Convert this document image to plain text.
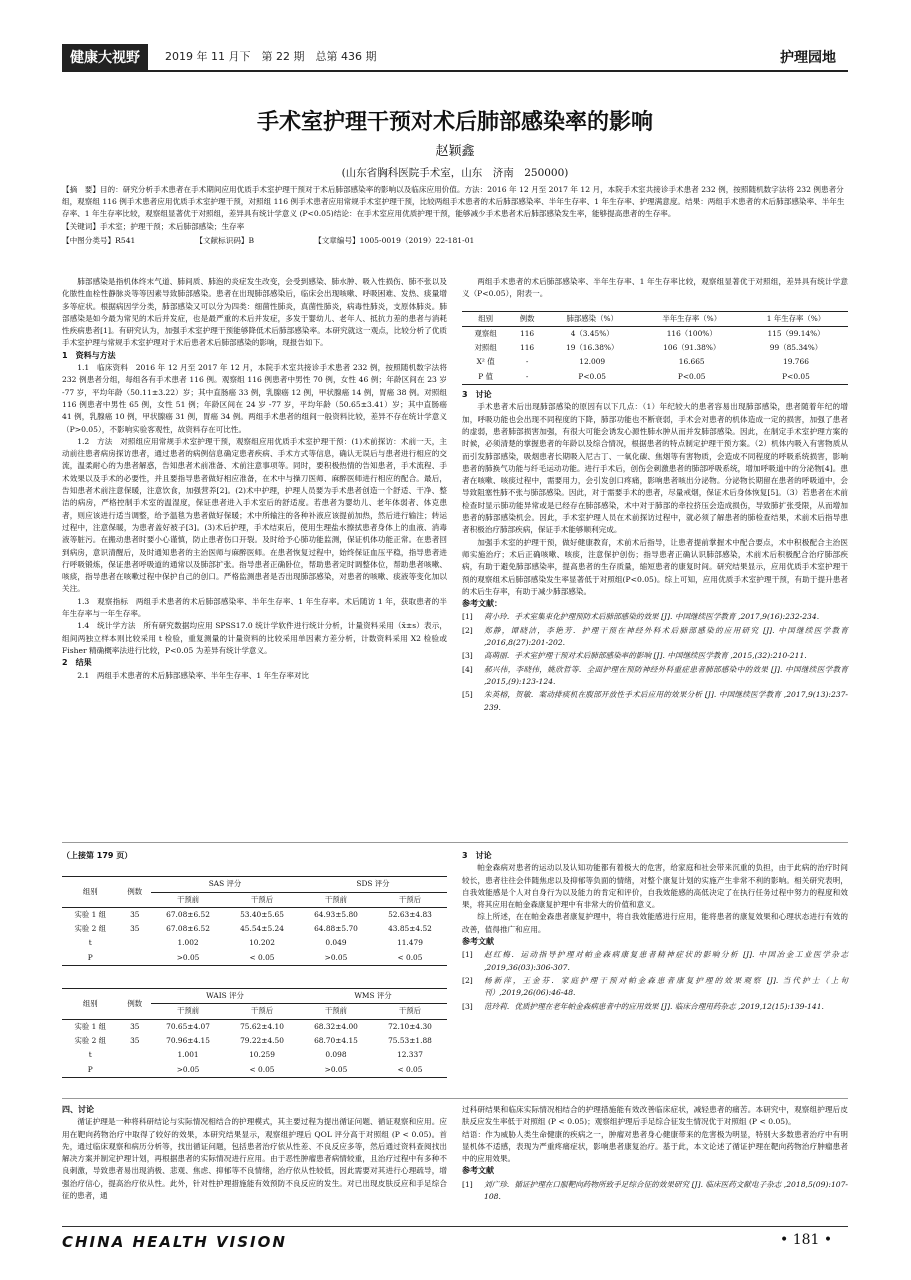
健康大视野	2019 年 11 月下　第 22 期　总第 436 期	护理园地
手术室护理干预对术后肺部感染率的影响
赵颖鑫
(山东省胸科医院手术室，山东　济南　250000)
【摘　要】目的：研究分析手术患者在手术期间应用优质手术室护理干预对于术后肺部感染率的影响以及临床应用价值。方法：2016 年 12 月至 2017 年 12 月，本院手术室共接诊手术患者 232 例，按照随机数字法将 232 例患者分组，观察组 116 例手术患者应用优质手术室护理干预，对照组 116 例手术患者应用常规手术室护理干预，比较两组手术患者的术后肺部感染率、半年生存率、1 年生存率、护理满意度。结果：两组手术患者的术后肺部感染率、半年生存率、1 年生存率比较，观察组显著优于对照组，差异具有统计学意义 (P<0.05)结论：在手术室应用优质护理干预，能够减少手术患者术后肺部感染发生率，能够提高患者的生存率。
【关键词】手术室；护理干预；术后肺部感染；生存率
【中图分类号】R541	【文献标识码】B	【文章编号】1005-0019（2019）22-181-01

肺部感染是指机体终末气道、肺间质、肺泡的炎症发生改变，会受到感染、肺水肿、吸入性损伤、肺不张以及化脓性血栓性静脉炎等等因素导致肺部感染。患者在出现肺部感染后，临床会出现咳嗽、呼吸困难、发热、痰量增多等症状。根据病因学分类，肺部感染又可以分为四类：细菌性肺炎，真菌性肺炎，病毒性肺炎，支原体肺炎。肺部感染是如今最为常见的术后并发症，也是最严重的术后并发症，多发于婴幼儿、老年人、抵抗力差的患者与消耗性疾病患者[1]。有研究认为，加强手术室护理干预能够降低术后肺部感染率。本研究就这一观点，比较分析了优质手术室护理与常规手术室护理对于术后患者术后肺部感染的影响，现报告如下。

1　资料与方法

1.1　临床资料　2016 年 12 月至 2017 年 12 月，本院手术室共接诊手术患者 232 例，按照随机数字法将 232 例患者分组，每组各有手术患者 116 例。观察组 116 例患者中男性 70 例，女性 46 例；年龄区间在 23 岁 -77 岁，平均年龄（50.11±3.22）岁；其中直肠癌 33 例，乳腺癌 12 例，甲状腺癌 14 例，胃癌 38 例。对照组 116 例患者中男性 65 例，女性 51 例；年龄区间在 24 岁 -77 岁，平均年龄（50.65±3.41）岁；其中直肠癌 41 例，乳腺癌 10 例，甲状腺癌 31 例，胃癌 34 例。两组手术患者的组间一般资料比较，差异不存在统计学意义（P>0.05），不影响实验客观性，故资料存在可比性。

1.2　方法　对照组应用常规手术室护理干预，观察组应用优质手术室护理干预：(1)术前探访：术前一天，主动前往患者病房探访患者，通过患者的病例信息确定患者疾病、手术方式等信息，确认无误后与患者进行相应的交流，温柔耐心的为患者解惑，告知患者术前准备、术前注意事项等。同时，要积极热情的告知患者，手术流程、手术效果以及手术的必要性，并且要指导患者做好相应准备，在术中与操刀医师、麻醉医师进行相应的配合。最后，告知患者术前注意保暖，注意饮食，加强营养[2]。(2)术中护理，护理人员要为手术患者创造一个舒适、干净、整洁的病房，严格控制手术室的温湿度，保证患者进入手术室后的舒适度。若患者为婴幼儿、老年体弱者、体克患者，则应该进行适当调整，给予温毯为患者做好保暖；术中所输注的各种补液应该提前加热，然后进行输注；转运过程中，注意保暖，为患者盖好被子[3]。(3)术后护理，手术结束后，使用生理盐水擦拭患者身体上的血液、消毒液等脏污。在搬动患者时要小心谨慎，防止患者伤口开裂。及时给予心肺功能监测，保证机体功能正常。在患者回到病房，意识清醒后，及时通知患者的主治医师与麻醉医师。在患者恢复过程中，始终保证血压平稳，指导患者进行呼吸锻炼，保证患者呼吸道的通常以及肺部扩张。指导患者正确卧位，帮助患者定时调整体位，帮助患者咳嗽、咳痰，指导患者在咳嗽过程中保护自己的创口。严格监测患者是否出现肺部感染，对患者的咳嗽、痰液等变化加以关注。

1.3　观察指标　两组手术患者的术后肺部感染率、半年生存率、1 年生存率。术后随访 1 年，获取患者的半年生存率与一年生存率。

1.4　统计学方法　所有研究数据均应用 SPSS17.0 统计学软件进行统计分析，计量资料采用（x̄±s）表示，组间两独立样本则比较采用 t 检验，重复测量的计量资料的比较采用单因素方差分析，计数资料采用 X2 检验或 Fisher 精确概率法进行比较，P<0.05 为差异有统计学意义。

2　结果

2.1　两组手术患者的术后肺部感染率、半年生存率、1 年生存率对比

两组手术患者的术后肺部感染率、半年生存率、1 年生存率比较，观察组显著优于对照组，差异具有统计学意义（P<0.05），附表一。

组别	例数	肺部感染（%）	半年生存率（%）	1 年生存率（%）
观察组	116	4（3.45%）	116（100%）	115（99.14%）
对照组	116	19（16.38%）	106（91.38%）	99（85.34%）
X² 值	-	12.009	16.665	19.766
P 值	-	P<0.05	P<0.05	P<0.05
3　讨论

手术患者术后出现肺部感染的原因有以下几点：（1）年纪较大的患者容易出现肺部感染，患者随着年纪的增加，呼吸功能也会出现不同程度的下降，肺部功能也不断衰弱，手术会对患者的机体造成一定的损害，加强了患者的虚弱，患者肺部损害加强，有很大可能会诱发心源性肺水肿从而并发肺部感染。因此，在制定手术室护理方案的时候，必须清楚的掌握患者的年龄以及综合情况，根据患者的特点制定护理干预方案。（2）机体内吸入有害物质从而引发肺部感染，吸烟患者长期吸入尼古丁、一氧化碳、焦烟等有害物质，会造成不同程度的呼吸系统损害，影响患者的肺换气功能与纤毛运动功能。进行手术后，创伤会刺激患者的肺部呼吸系统，增加呼吸道中的分泌物[4]。患者在咳嗽、咳痰过程中，需要用力，会引发创口疼痛，影响患者咳出分泌物。分泌物长期留在患者的呼吸道中，会导致阻塞性肺不张与肺部感染。因此，对于需要手术的患者，尽量戒烟，保证术后身体恢复[5]。（3）若患者在术前检查时显示肺功能异常或是已经存在肺部感染，术中对于肺部的牵拉挤压会造成损伤，导致肺扩张受限，从而增加患者的肺部感染机会。因此，手术室护理人员在术前探访过程中，就必须了解患者的肺检查结果，术前术后指导患者积极治疗肺部疾病，保证手术能够顺利完成。

加强手术室的护理干预，做好健康教育，术前术后指导，让患者提前掌握术中配合要点，术中积极配合主治医师实施治疗；术后正确咳嗽、咳痰，注意保护创伤；指导患者正确认识肺部感染，术前术后积极配合治疗肺部疾病，有助于避免肺部感染率，提高患者的生存质量，缩短患者的康复时间。研究结果显示，应用优质手术室护理干预的观察组术后肺部感染发生率显著低于对照组(P<0.05)。综上可知，应用优质手术室护理干预，有助于提升患者的术后生存率，有助于减少肺部感染。

参考文献：
[1]	荷小玲．手术室集束化护理预防术后肺部感染的效果 [J]. 中国继续医学教育 ,2017,9(16):232-234.
[2]	郑静，谭晓洁，李艳芳．护理干预在神经外科术后肺部感染的应用研究 [J]. 中国继续医学教育 ,2016,8(27):201-202.
[3]	高萌丽．手术室护理干预对术后肺部感染率的影响 [J]. 中国继续医学教育 ,2015,(32):210-211.
[4]	郝兴伟，李晓伟，姚欣哲等．全面护理在预防神经外科重症患者肺部感染中的效果 [J]. 中国继续医学教育 ,2015,(9):123-124.
[5]	朱英榕，贺敏．案动排痰机在腹部开放性手术后应用的效果分析 [J]. 中国继续医学教育 ,2017,9(13):237-239.
（上接第 179 页）
组别	例数	SAS 评分		SDS 评分	
		干预前	干预后	干预前	干预后
实验 1 组	35	67.08±6.52	53.40±5.65	64.93±5.80	52.63±4.83
实验 2 组	35	67.08±6.52	45.54±5.24	64.88±5.70	43.85±4.52
t		1.002	10.202	0.049	11.479
P		>0.05	< 0.05	>0.05	< 0.05
组别	例数	WAIS 评分		WMS 评分	
		干预前	干预后	干预前	干预后
实验 1 组	35	70.65±4.07	75.62±4.10	68.32±4.00	72.10±4.30
实验 2 组	35	70.96±4.15	79.22±4.50	68.70±4.15	75.53±1.88
t		1.001	10.259	0.098	12.337
P		>0.05	< 0.05	>0.05	< 0.05
3　讨论

帕金森病对患者的运动以及认知功能都有着极大的危害，给家庭和社会带来沉重的负担，由于此病的治疗时间较长，患者往往会伴随焦虑以及抑郁等负面的情绪，对整个康复计划的实施产生非常不利的影响。相关研究表明，自我效能感是个人对自身行为以及能力的肯定和评价，自我效能感的高低决定了在执行任务过程中努力的程度和效果，将其应用在帕金森康复护理中有非常大的价值和意义。

综上所述，在在帕金森患者康复护理中，将自我效能感进行应用，能将患者的康复效果和心理状态进行有效的改善，值得推广和应用。

参考文献
[1]	赵红梅．运动指导护理对帕金森病康复患者精神症状的影响分析 [J]. 中国冶金工业医学杂志 ,2019,36(03):306-307.
[2]	杨新萍，王金芬．家庭护理干预对帕金森患者康复护理的效果观察 [J]. 当代护士（上旬刊）,2019,26(06):46-48.
[3]	范玲莉．优质护理在老年帕金森病患者中的应用效果 [J]. 临床合理用药杂志 ,2019,12(15):139-141.
四、讨论

循证护理是一种将科研结论与实际情况相结合的护理模式，其主要过程为提出循证问题、循证观察和应用。应用在靶向药物治疗中取得了较好的效果，本研究结果显示，观察组护理后 QOL 评分高于对照组 (P < 0.05)。首先，通过临床观察和病历分析等，找出循证问题，包括患者治疗依从性差、不良反应多等，然后通过资料查阅找出解决方案并制定护理计划，再根据患者的实际情况进行应用。由于恶性肿瘤患者病情较重，且治疗过程中有多种不良刺激，导致患者易出现消极、悲观、焦虑、抑郁等不良情绪，治疗依从性较低，因此需要对其进行心理疏导，增强治疗信心，提高治疗依从性。此外，针对性护理措施能有效预防不良反应的发生。对已出现皮肤反应和手足综合征的患者，通

过科研结果和临床实际情况相结合的护理措施能有效改善临床症状，减轻患者的痛苦。本研究中，观察组护理后皮肤反应发生率低于对照组 (P < 0.05)；观察组护理后手足综合征发生情况优于对照组 (P < 0.05)。

结语：作为威胁人类生命健康的疾病之一，肿瘤对患者身心健康带来的危害极为明显，特别大多数患者治疗中有明显机体不适感，表现为严重疼痛症状，影响患者康复治疗。基于此，本文论述了循证护理在靶向药物治疗肿瘤患者中的应用效果。

参考文献
[1]	刘广珍．循证护理在口服靶向药物所致手足综合征的效果研究 [J]. 临床医药文献电子杂志 ,2018,5(09):107-108.
CHINA HEALTH VISION	• 181 •
